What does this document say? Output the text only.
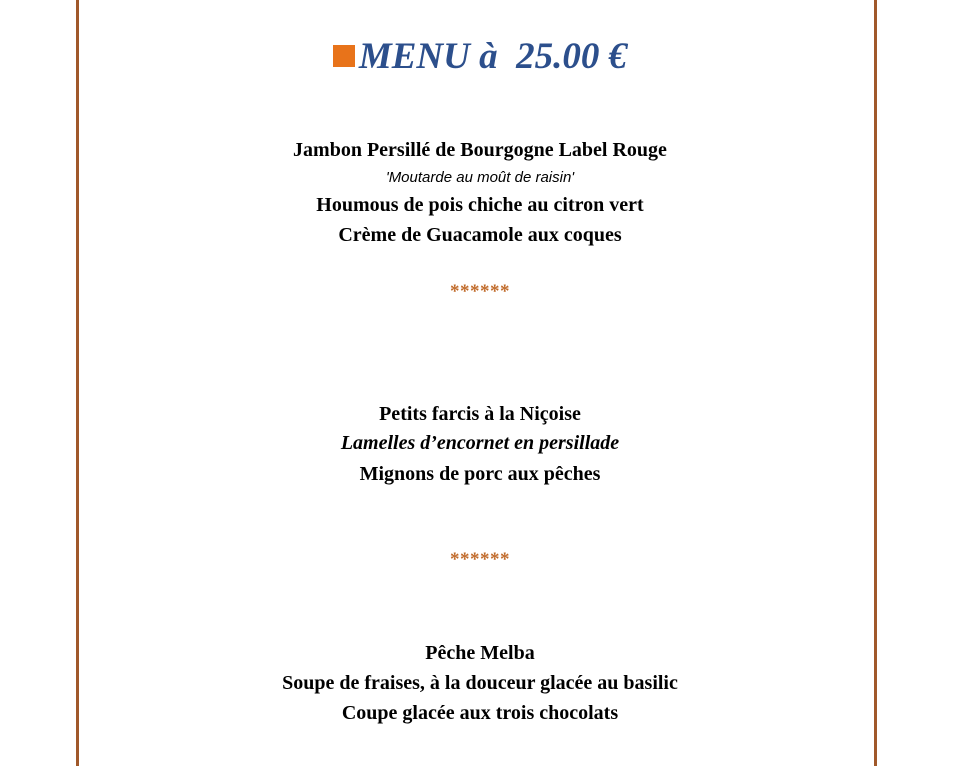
MENU à  25.00 €
Jambon Persillé de Bourgogne Label Rouge
'Moutarde au moût de raisin'
Houmous de pois chiche au citron vert
Crème de Guacamole aux coques
******
Petits farcis à la Niçoise
Lamelles d’encornet en persillade
Mignons de porc aux pêches
******
Pêche Melba
Soupe de fraises, à la douceur glacée au basilic
Coupe glacée aux trois chocolats
